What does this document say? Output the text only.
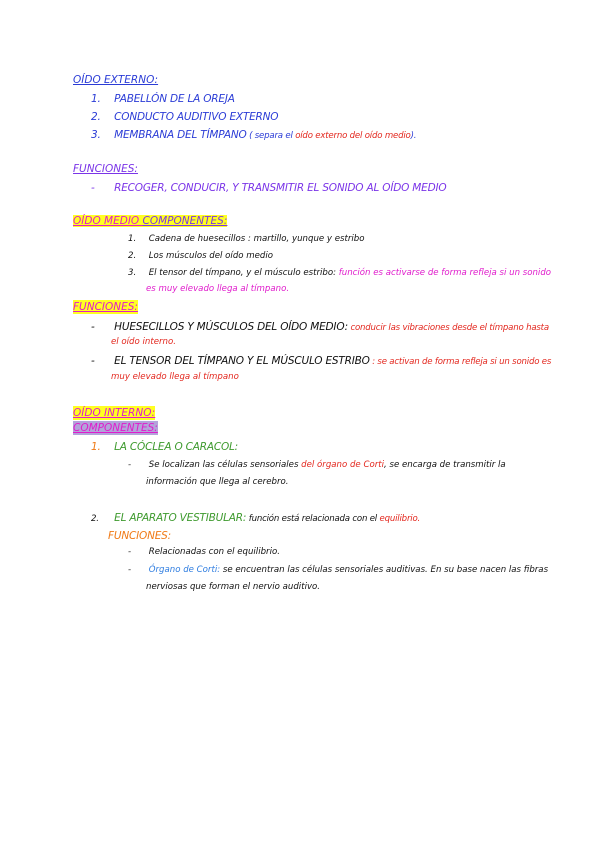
OÍDO EXTERNO:
1. PABELLÓN DE LA OREJA
2. CONDUCTO AUDITIVO EXTERNO
3. MEMBRANA DEL TÍMPANO ( separa el oído externo del oído medio).
FUNCIONES:
- RECOGER, CONDUCIR, Y TRANSMITIR EL SONIDO AL OÍDO MEDIO
OÍDO MEDIO COMPONENTES:
1. Cadena de huesecillos : martillo, yunque y estribo
2. Los músculos del oído medio
3. El tensor del tímpano, y el músculo estribo: función es activarse de forma refleja si un sonido
es muy elevado llega al tímpano.
FUNCIONES:
- HUESECILLOS Y MÚSCULOS DEL OÍDO MEDIO: conducir las vibraciones desde el tímpano hasta
el oído interno.
- EL TENSOR DEL TÍMPANO Y EL MÚSCULO ESTRIBO : se activan de forma refleja si un sonido es
muy elevado llega al tímpano
OÍDO INTERNO:
COMPONENTES:
1. LA CÓCLEA O CARACOL:
- Se localizan las células sensoriales del órgano de Corti, se encarga de transmitir la
información que llega al cerebro.
2. EL APARATO VESTIBULAR: función está relacionada con el equilibrio.
FUNCIONES:
- Relacionadas con el equilibrio.
- Órgano de Corti: se encuentran las células sensoriales auditivas. En su base nacen las fibras
nerviosas que forman el nervio auditivo.
